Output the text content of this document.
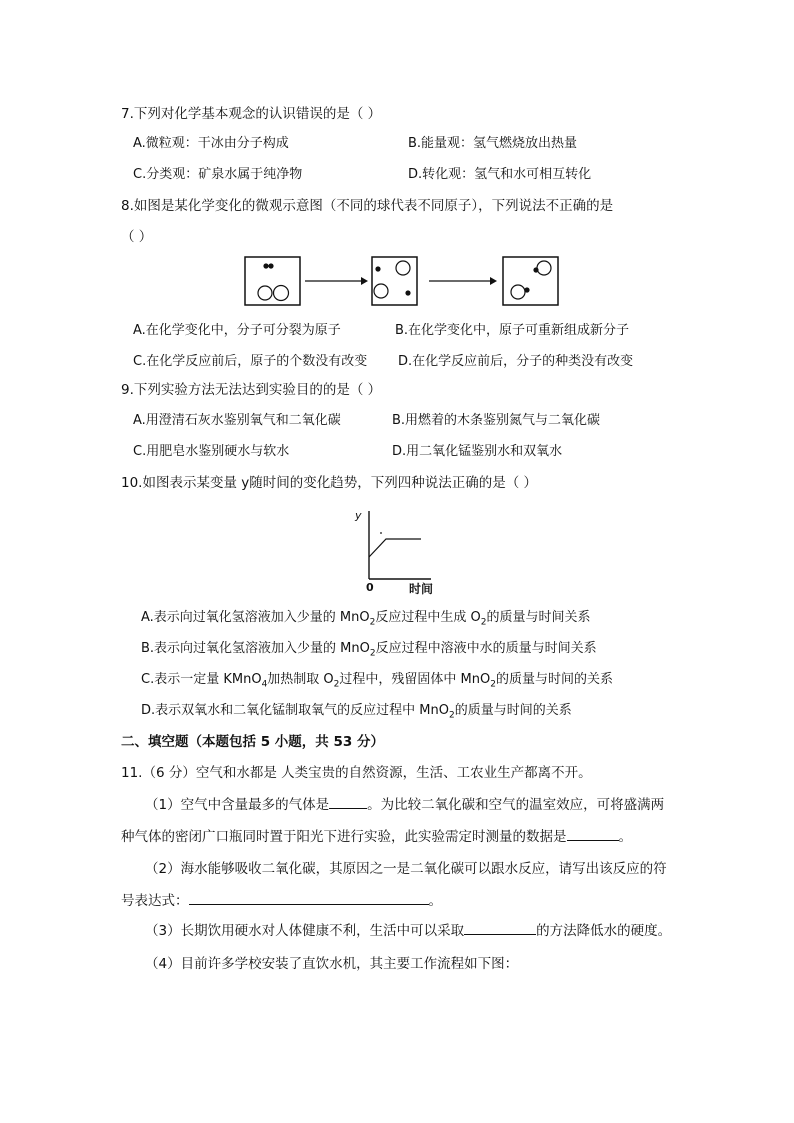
7.下列对化学基本观念的认识错误的是（ ）
A.微粒观：干冰由分子构成	B.能量观：氢气燃烧放出热量
C.分类观：矿泉水属于纯净物	D.转化观：氢气和水可相互转化
8.如图是某化学变化的微观示意图（不同的球代表不同原子），下列说法不正确的是
（ ）
A.在化学变化中，分子可分裂为原子	B.在化学变化中，原子可重新组成新分子
C.在化学反应前后，原子的个数没有改变 D.在化学反应前后，分子的种类没有改变
9.下列实验方法无法达到实验目的的是（ ）
A.用澄清石灰水鉴别氧气和二氧化碳	B.用燃着的木条鉴别氮气与二氧化碳
C.用肥皂水鉴别硬水与软水	D.用二氧化锰鉴别水和双氧水
10.如图表示某变量 y随时间的变化趋势，下列四种说法正确的是（ ）
y
0	时间
A.表示向过氧化氢溶液加入少量的 MnO$_2$反应过程中生成 $O_2$的质量与时间关系
B.表示向过氧化氢溶液加入少量的 MnO$_2$反应过程中溶液中水的质量与时间关系
C.表示一定量 KMnO$_4$加热制取 $O_2$过程中，残留固体中 MnO$_2$的质量与时间的关系
D.表示双氧水和二氧化锰制取氧气的反应过程中 MnO$_2$的质量与时间的关系
二、填空题（本题包括 5 小题，共 53 分）
11.（6 分）空气和水都是 人类宝贵的自然资源，生活、工农业生产都离不开。
（1）空气中含量最多的气体是	。为比较二氧化碳和空气的温室效应，可将盛满两
种气体的密闭广口瓶同时置于阳光下进行实验，此实验需定时测量的数据是	。
（2）海水能够吸收二氧化碳，其原因之一是二氧化碳可以跟水反应，请写出该反应的符
号表达式：	。
（3）长期饮用硬水对人体健康不利，生活中可以采取	的方法降低水的硬度。
（4）目前许多学校安装了直饮水机，其主要工作流程如下图：
